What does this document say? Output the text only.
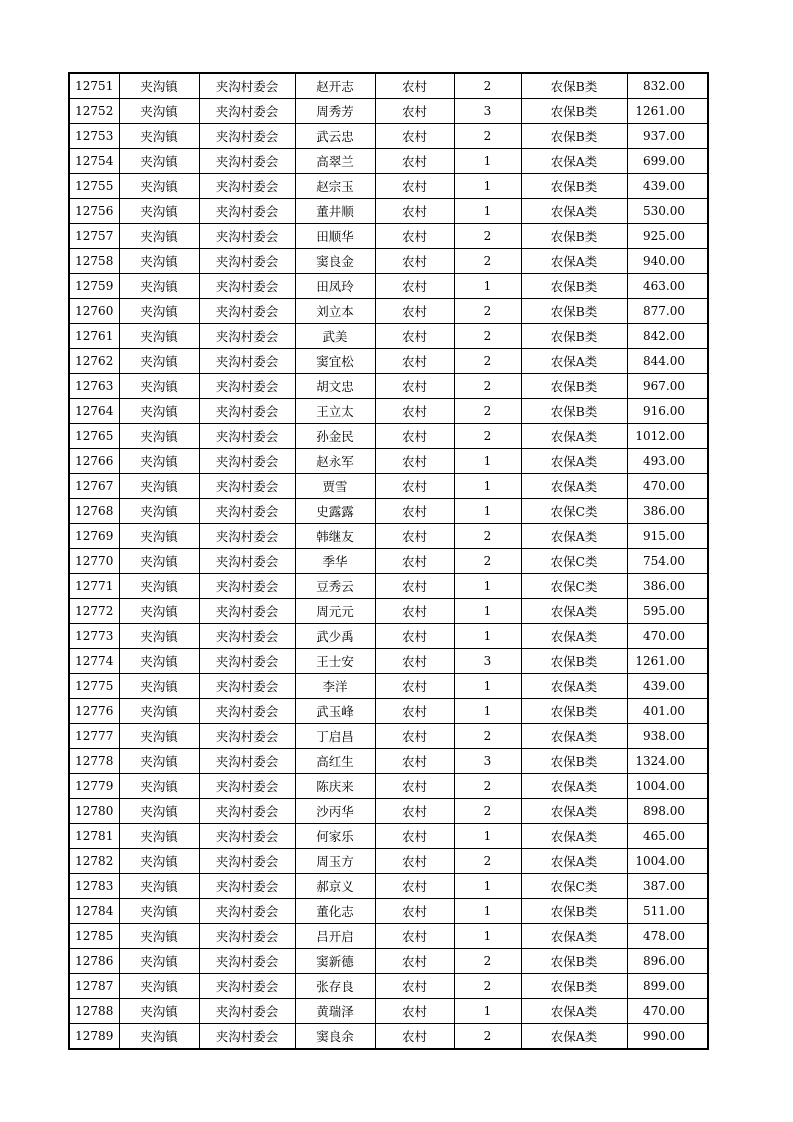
12751	夹沟镇	夹沟村委会	赵开志	农村	2	农保B类	832.00
12752	夹沟镇	夹沟村委会	周秀芳	农村	3	农保B类	1261.00
12753	夹沟镇	夹沟村委会	武云忠	农村	2	农保B类	937.00
12754	夹沟镇	夹沟村委会	高翠兰	农村	1	农保A类	699.00
12755	夹沟镇	夹沟村委会	赵宗玉	农村	1	农保B类	439.00
12756	夹沟镇	夹沟村委会	董井顺	农村	1	农保A类	530.00
12757	夹沟镇	夹沟村委会	田顺华	农村	2	农保B类	925.00
12758	夹沟镇	夹沟村委会	窦良金	农村	2	农保A类	940.00
12759	夹沟镇	夹沟村委会	田凤玲	农村	1	农保B类	463.00
12760	夹沟镇	夹沟村委会	刘立本	农村	2	农保B类	877.00
12761	夹沟镇	夹沟村委会	武美	农村	2	农保B类	842.00
12762	夹沟镇	夹沟村委会	窦宜松	农村	2	农保A类	844.00
12763	夹沟镇	夹沟村委会	胡文忠	农村	2	农保B类	967.00
12764	夹沟镇	夹沟村委会	王立太	农村	2	农保B类	916.00
12765	夹沟镇	夹沟村委会	孙金民	农村	2	农保A类	1012.00
12766	夹沟镇	夹沟村委会	赵永军	农村	1	农保A类	493.00
12767	夹沟镇	夹沟村委会	贾雪	农村	1	农保A类	470.00
12768	夹沟镇	夹沟村委会	史露露	农村	1	农保C类	386.00
12769	夹沟镇	夹沟村委会	韩继友	农村	2	农保A类	915.00
12770	夹沟镇	夹沟村委会	季华	农村	2	农保C类	754.00
12771	夹沟镇	夹沟村委会	豆秀云	农村	1	农保C类	386.00
12772	夹沟镇	夹沟村委会	周元元	农村	1	农保A类	595.00
12773	夹沟镇	夹沟村委会	武少禹	农村	1	农保A类	470.00
12774	夹沟镇	夹沟村委会	王士安	农村	3	农保B类	1261.00
12775	夹沟镇	夹沟村委会	李洋	农村	1	农保A类	439.00
12776	夹沟镇	夹沟村委会	武玉峰	农村	1	农保B类	401.00
12777	夹沟镇	夹沟村委会	丁启昌	农村	2	农保A类	938.00
12778	夹沟镇	夹沟村委会	高红生	农村	3	农保B类	1324.00
12779	夹沟镇	夹沟村委会	陈庆来	农村	2	农保A类	1004.00
12780	夹沟镇	夹沟村委会	沙丙华	农村	2	农保A类	898.00
12781	夹沟镇	夹沟村委会	何家乐	农村	1	农保A类	465.00
12782	夹沟镇	夹沟村委会	周玉方	农村	2	农保A类	1004.00
12783	夹沟镇	夹沟村委会	郝京义	农村	1	农保C类	387.00
12784	夹沟镇	夹沟村委会	董化志	农村	1	农保B类	511.00
12785	夹沟镇	夹沟村委会	吕开启	农村	1	农保A类	478.00
12786	夹沟镇	夹沟村委会	窦新德	农村	2	农保B类	896.00
12787	夹沟镇	夹沟村委会	张存良	农村	2	农保B类	899.00
12788	夹沟镇	夹沟村委会	黄瑞泽	农村	1	农保A类	470.00
12789	夹沟镇	夹沟村委会	窦良余	农村	2	农保A类	990.00
